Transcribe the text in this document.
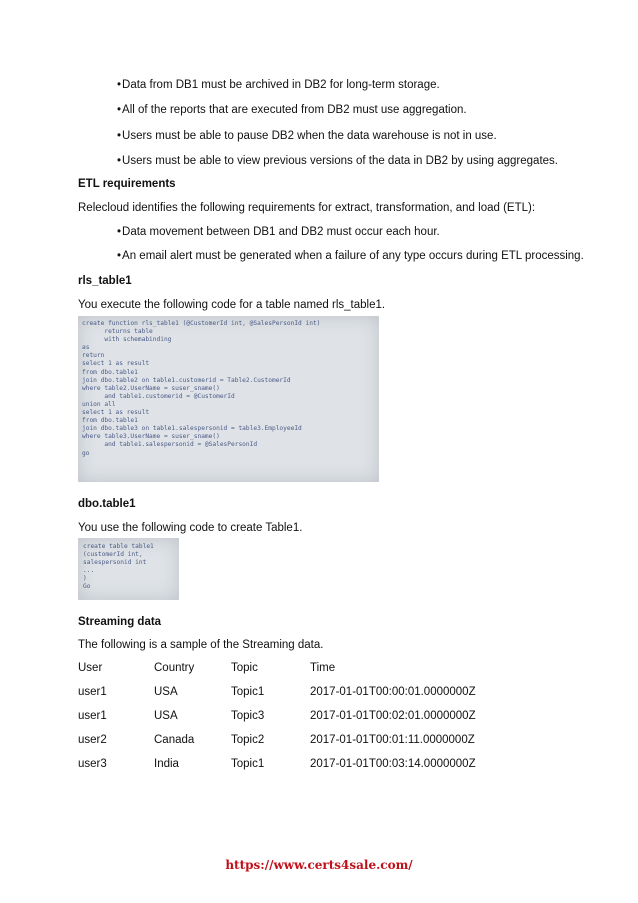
• Data from DB1 must be archived in DB2 for long-term storage.
• All of the reports that are executed from DB2 must use aggregation.
• Users must be able to pause DB2 when the data warehouse is not in use.
• Users must be able to view previous versions of the data in DB2 by using aggregates.
ETL requirements
Relecloud identifies the following requirements for extract, transformation, and load (ETL):
• Data movement between DB1 and DB2 must occur each hour.
• An email alert must be generated when a failure of any type occurs during ETL processing.
rls_table1
You execute the following code for a table named rls_table1.
create function rls_table1 (@CustomerId int, @SalesPersonId int)
returns table
with schemabinding
as
return
select 1 as result
from dbo.table1
join dbo.table2 on table1.customerid = Table2.CustomerId
where table2.UserName = suser_sname()
and table1.customerid = @CustomerId
union all
select 1 as result
from dbo.table1
join dbo.table3 on table1.salespersonid = table3.EmployeeId
where table3.UserName = suser_sname()
and table1.salespersonid = @SalesPersonId
go
dbo.table1
You use the following code to create Table1.
create table table1
(customerId int,
salespersonid int
...
)
Go
Streaming data
The following is a sample of the Streaming data.
User	Country	Topic	Time
user1	USA	Topic1	2017-01-01T00:00:01.0000000Z
user1	USA	Topic3	2017-01-01T00:02:01.0000000Z
user2	Canada	Topic2	2017-01-01T00:01:11.0000000Z
user3	India	Topic1	2017-01-01T00:03:14.0000000Z
https://www.certs4sale.com/
